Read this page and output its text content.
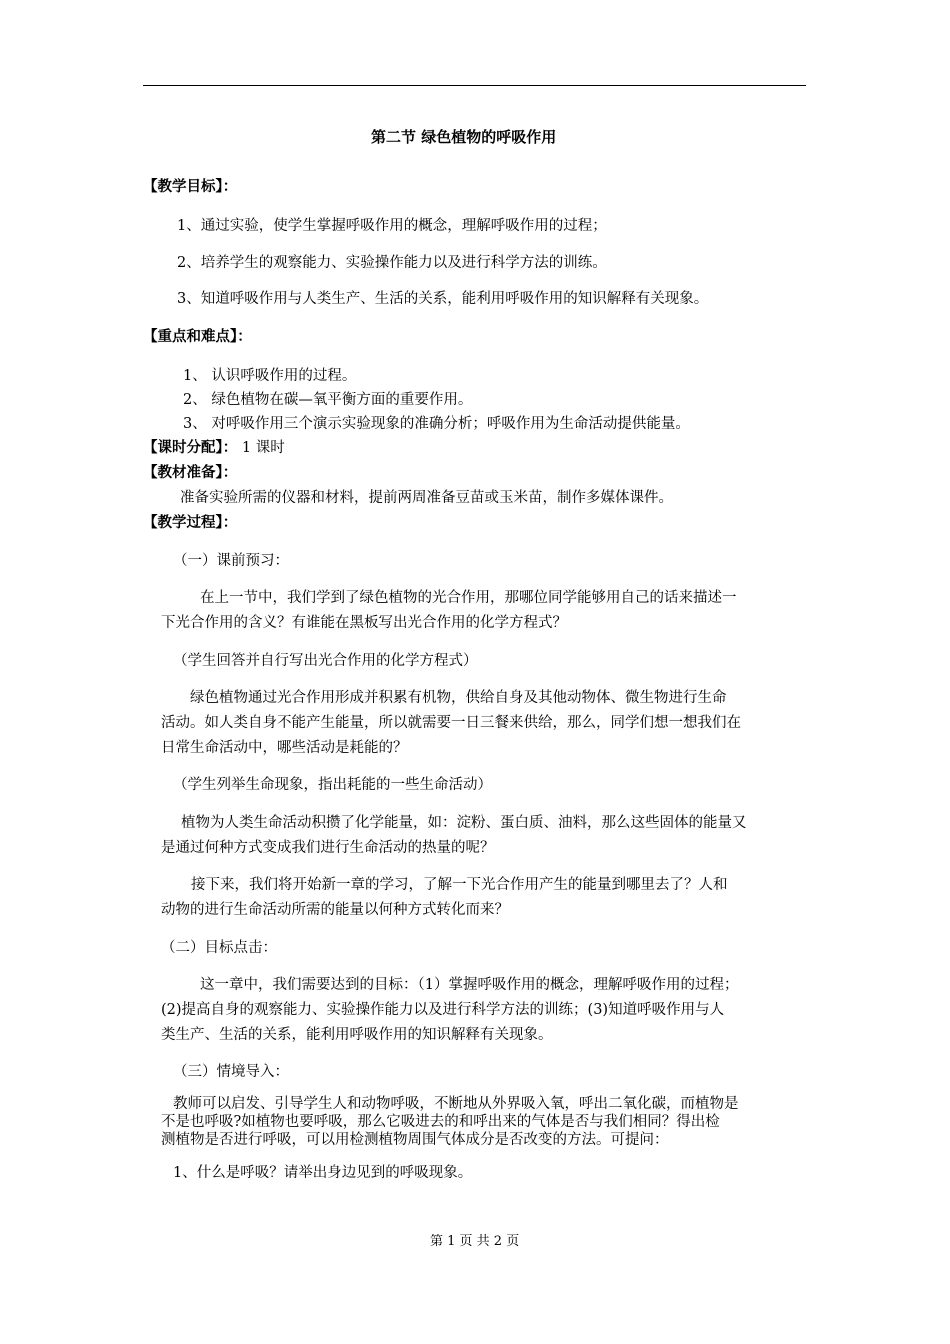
第二节 绿色植物的呼吸作用
【教学目标】：
1、通过实验，使学生掌握呼吸作用的概念，理解呼吸作用的过程；
2、培养学生的观察能力、实验操作能力以及进行科学方法的训练。
3、知道呼吸作用与人类生产、生活的关系，能利用呼吸作用的知识解释有关现象。
【重点和难点】：
1、 认识呼吸作用的过程。
2、 绿色植物在碳—氧平衡方面的重要作用。
3、 对呼吸作用三个演示实验现象的准确分析；呼吸作用为生命活动提供能量。
【课时分配】： 1 课时
【教材准备】：
准备实验所需的仪器和材料，提前两周准备豆苗或玉米苗，制作多媒体课件。
【教学过程】：
（一）课前预习：
在上一节中，我们学到了绿色植物的光合作用，那哪位同学能够用自己的话来描述一
下光合作用的含义？有谁能在黑板写出光合作用的化学方程式？
（学生回答并自行写出光合作用的化学方程式）
绿色植物通过光合作用形成并积累有机物，供给自身及其他动物体、微生物进行生命
活动。如人类自身不能产生能量，所以就需要一日三餐来供给，那么，同学们想一想我们在
日常生命活动中，哪些活动是耗能的？
（学生列举生命现象，指出耗能的一些生命活动）
植物为人类生命活动积攒了化学能量，如：淀粉、蛋白质、油料，那么这些固体的能量又
是通过何种方式变成我们进行生命活动的热量的呢？
接下来，我们将开始新一章的学习，了解一下光合作用产生的能量到哪里去了？人和
动物的进行生命活动所需的能量以何种方式转化而来？
（二）目标点击：
这一章中，我们需要达到的目标：（1）掌握呼吸作用的概念，理解呼吸作用的过程；
(2)提高自身的观察能力、实验操作能力以及进行科学方法的训练；(3)知道呼吸作用与人
类生产、生活的关系，能利用呼吸作用的知识解释有关现象。
（三）情境导入：
教师可以启发、引导学生人和动物呼吸，不断地从外界吸入氧，呼出二氧化碳，而植物是
不是也呼吸?如植物也要呼吸，那么它吸进去的和呼出来的气体是否与我们相同？得出检
测植物是否进行呼吸，可以用检测植物周围气体成分是否改变的方法。可提问：
1、什么是呼吸？请举出身边见到的呼吸现象。
第 1 页 共 2 页
